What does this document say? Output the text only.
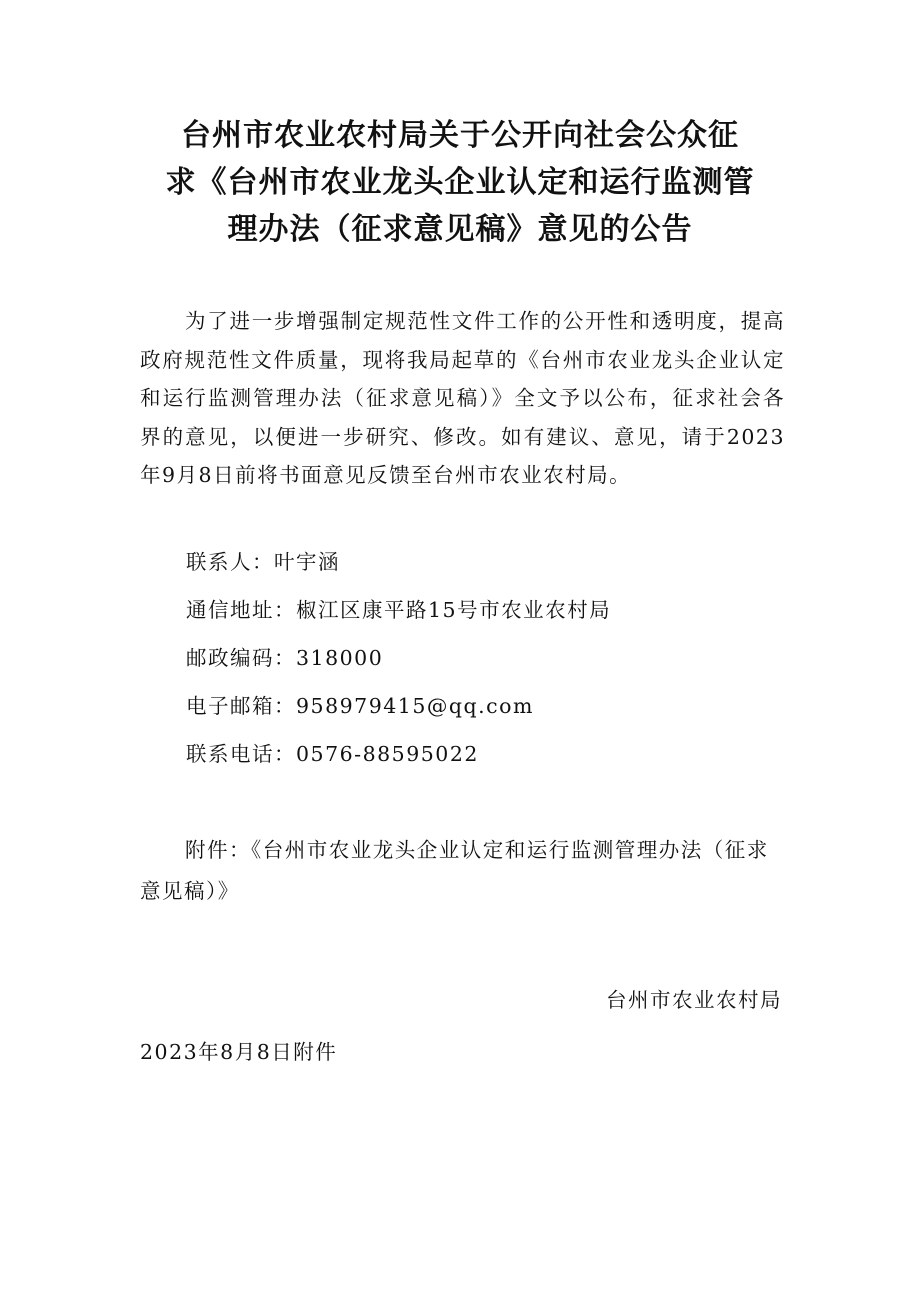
台州市农业农村局关于公开向社会公众征
求《台州市农业龙头企业认定和运行监测管
理办法（征求意见稿》意见的公告

为了进一步增强制定规范性文件工作的公开性和透明度，提高政府规范性文件质量，现将我局起草的《台州市农业龙头企业认定和运行监测管理办法（征求意见稿）》全文予以公布，征求社会各界的意见，以便进一步研究、修改。如有建议、意见，请于2023年9月8日前将书面意见反馈至台州市农业农村局。

联系人：叶宇涵
通信地址：椒江区康平路15号市农业农村局
邮政编码：318000
电子邮箱：958979415@qq.com
联系电话：0576-88595022

附件：《台州市农业龙头企业认定和运行监测管理办法（征求意见稿）》

台州市农业农村局
2023年8月8日附件
